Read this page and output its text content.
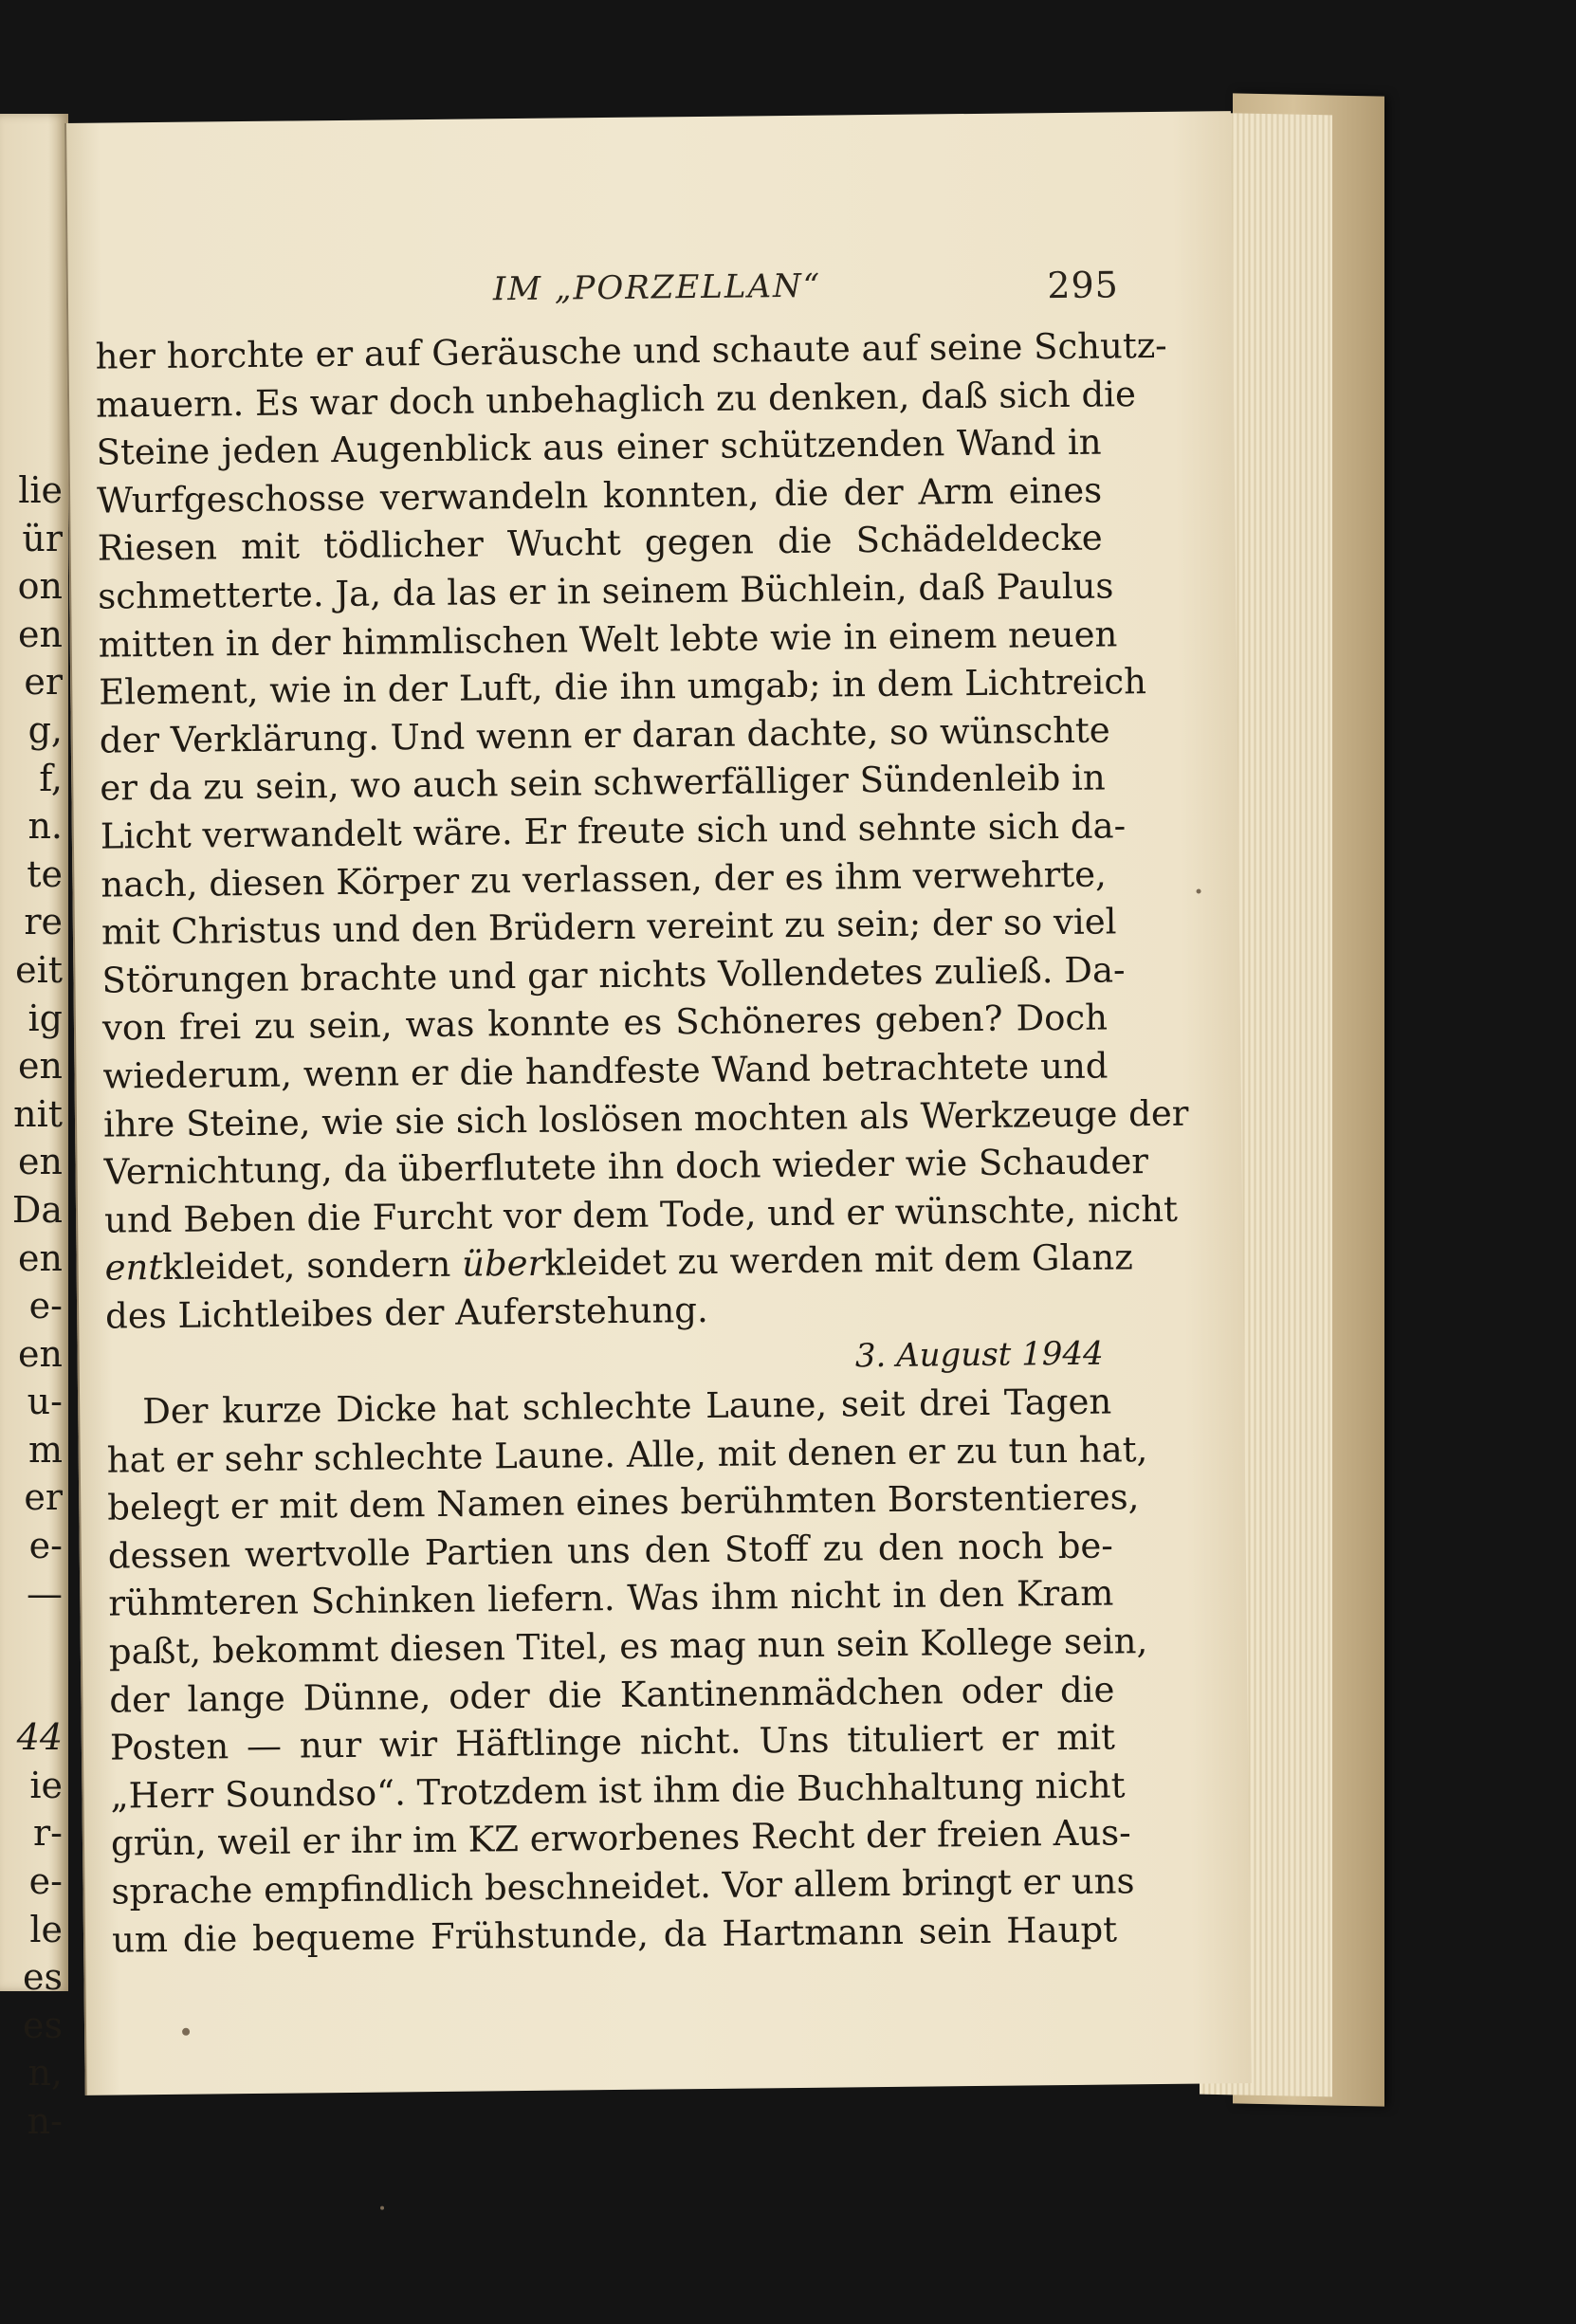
lie
ür
on
en
er
g,
f,
n.
te
re
eit
ig
en
nit
en
Da
en
e-
en
u-
m
er
e-
—
44
ie
r-
e-
le
es
es
n,
n-
IM „PORZELLAN“	295
her horchte er auf Geräusche und schaute auf seine Schutz-
mauern. Es war doch unbehaglich zu denken, daß sich die
Steine jeden Augenblick aus einer schützenden Wand in
Wurfgeschosse verwandeln konnten, die der Arm eines
Riesen mit tödlicher Wucht gegen die Schädeldecke
schmetterte. Ja, da las er in seinem Büchlein, daß Paulus
mitten in der himmlischen Welt lebte wie in einem neuen
Element, wie in der Luft, die ihn umgab; in dem Lichtreich
der Verklärung. Und wenn er daran dachte, so wünschte
er da zu sein, wo auch sein schwerfälliger Sündenleib in
Licht verwandelt wäre. Er freute sich und sehnte sich da-
nach, diesen Körper zu verlassen, der es ihm verwehrte,
mit Christus und den Brüdern vereint zu sein; der so viel
Störungen brachte und gar nichts Vollendetes zuließ. Da-
von frei zu sein, was konnte es Schöneres geben? Doch
wiederum, wenn er die handfeste Wand betrachtete und
ihre Steine, wie sie sich loslösen mochten als Werkzeuge der
Vernichtung, da überflutete ihn doch wieder wie Schauder
und Beben die Furcht vor dem Tode, und er wünschte, nicht
entkleidet, sondern überkleidet zu werden mit dem Glanz
des Lichtleibes der Auferstehung.
3. August 1944
Der kurze Dicke hat schlechte Laune, seit drei Tagen
hat er sehr schlechte Laune. Alle, mit denen er zu tun hat,
belegt er mit dem Namen eines berühmten Borstentieres,
dessen wertvolle Partien uns den Stoff zu den noch be-
rühmteren Schinken liefern. Was ihm nicht in den Kram
paßt, bekommt diesen Titel, es mag nun sein Kollege sein,
der lange Dünne, oder die Kantinenmädchen oder die
Posten — nur wir Häftlinge nicht. Uns tituliert er mit
„Herr Soundso“. Trotzdem ist ihm die Buchhaltung nicht
grün, weil er ihr im KZ erworbenes Recht der freien Aus-
sprache empfindlich beschneidet. Vor allem bringt er uns
um die bequeme Frühstunde, da Hartmann sein Haupt
